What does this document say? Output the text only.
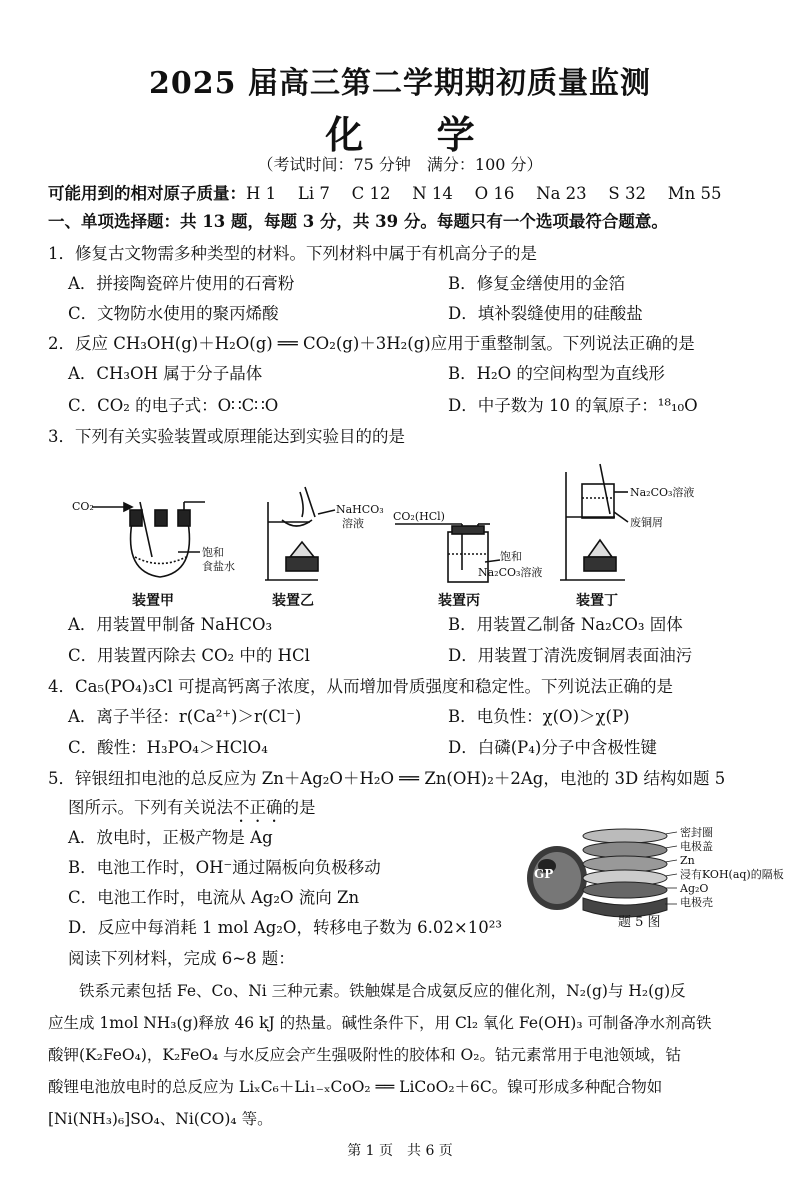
2025 届高三第二学期期初质量监测
化 学
（考试时间：75 分钟　满分：100 分）
可能用到的相对原子质量：H 1　 Li 7　 C 12　 N 14　 O 16　 Na 23　 S 32　 Mn 55
一、单项选择题：共 13 题，每题 3 分，共 39 分。每题只有一个选项最符合题意。
1．修复古文物需多种类型的材料。下列材料中属于有机高分子的是
A．拼接陶瓷碎片使用的石膏粉	B．修复金缮使用的金箔
C．文物防水使用的聚丙烯酸	D．填补裂缝使用的硅酸盐
2．反应 CH₃OH(g)＋H₂O(g) ══ CO₂(g)＋3H₂(g)应用于重整制氢。下列说法正确的是
A．CH₃OH 属于分子晶体	B．H₂O 的空间构型为直线形
C．CO₂ 的电子式：O∷C∷O	D．中子数为 10 的氧原子：¹⁸₁₀O
3．下列有关实验装置或原理能达到实验目的的是
CO₂
饱和
食盐水
NaHCO₃
溶液
CO₂(HCl)
饱和
Na₂CO₃溶液
Na₂CO₃溶液
废铜屑
装置甲	装置乙	装置丙	装置丁
A．用装置甲制备 NaHCO₃	B．用装置乙制备 Na₂CO₃ 固体
C．用装置丙除去 CO₂ 中的 HCl	D．用装置丁清洗废铜屑表面油污
4．Ca₅(PO₄)₃Cl 可提高钙离子浓度，从而增加骨质强度和稳定性。下列说法正确的是
A．离子半径：r(Ca²⁺)＞r(Cl⁻)	B．电负性：χ(O)＞χ(P)
C．酸性：H₃PO₄＞HClO₄	D．白磷(P₄)分子中含极性键
5．锌银纽扣电池的总反应为 Zn＋Ag₂O＋H₂O ══ Zn(OH)₂＋2Ag，电池的 3D 结构如题 5
图所示。下列有关说法不正确的是
A．放电时，正极产物是 Ag
B．电池工作时，OH⁻通过隔板向负极移动
C．电池工作时，电流从 Ag₂O 流向 Zn
D．反应中每消耗 1 mol Ag₂O，转移电子数为 6.02×10²³
GP
密封圈
电极盖
Zn
浸有KOH(aq)的隔板
Ag₂O
电极壳
题 5 图
阅读下列材料，完成 6~8 题：
　　铁系元素包括 Fe、Co、Ni 三种元素。铁触媒是合成氨反应的催化剂，N₂(g)与 H₂(g)反
应生成 1mol NH₃(g)释放 46 kJ 的热量。碱性条件下，用 Cl₂ 氧化 Fe(OH)₃ 可制备净水剂高铁
酸钾(K₂FeO₄)，K₂FeO₄ 与水反应会产生强吸附性的胶体和 O₂。钴元素常用于电池领域，钴
酸锂电池放电时的总反应为 LiₓC₆＋Li₁₋ₓCoO₂ ══ LiCoO₂＋6C。镍可形成多种配合物如
[Ni(NH₃)₆]SO₄、Ni(CO)₄ 等。
第 1 页　共 6 页
